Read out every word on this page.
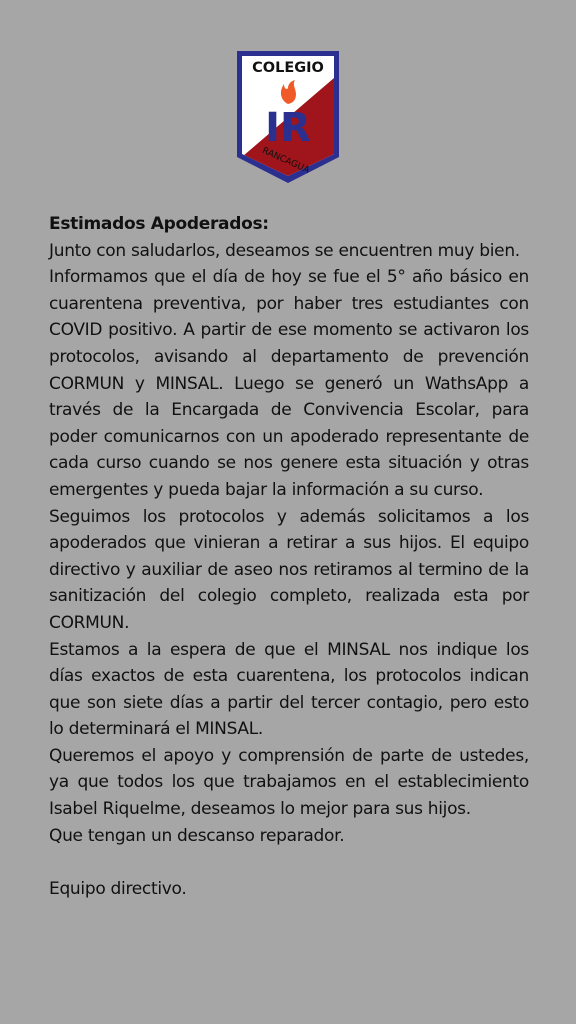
COLEGIO
IR
RANCAGUA

Estimados Apoderados:

Junto con saludarlos, deseamos se encuentren muy bien.

Informamos que el día de hoy se fue el 5° año básico en cuarentena preventiva, por haber tres estudiantes con COVID positivo. A partir de ese momento se activaron los protocolos, avisando al departamento de prevención CORMUN y MINSAL. Luego se generó un WathsApp a través de la Encargada de Convivencia Escolar, para poder comunicarnos con un apoderado representante de cada curso cuando se nos genere esta situación y otras emergentes y pueda bajar la información a su curso.

Seguimos los protocolos y además solicitamos a los apoderados que vinieran a retirar a sus hijos. El equipo directivo y auxiliar de aseo nos retiramos al termino de la sanitización del colegio completo, realizada esta por CORMUN.

Estamos a la espera de que el MINSAL nos indique los días exactos de esta cuarentena, los protocolos indican que son siete días a partir del tercer contagio, pero esto lo determinará el MINSAL.

Queremos el apoyo y comprensión de parte de ustedes, ya que todos los que trabajamos en el establecimiento Isabel Riquelme, deseamos lo mejor para sus hijos.

Que tengan un descanso reparador.

Equipo directivo.
